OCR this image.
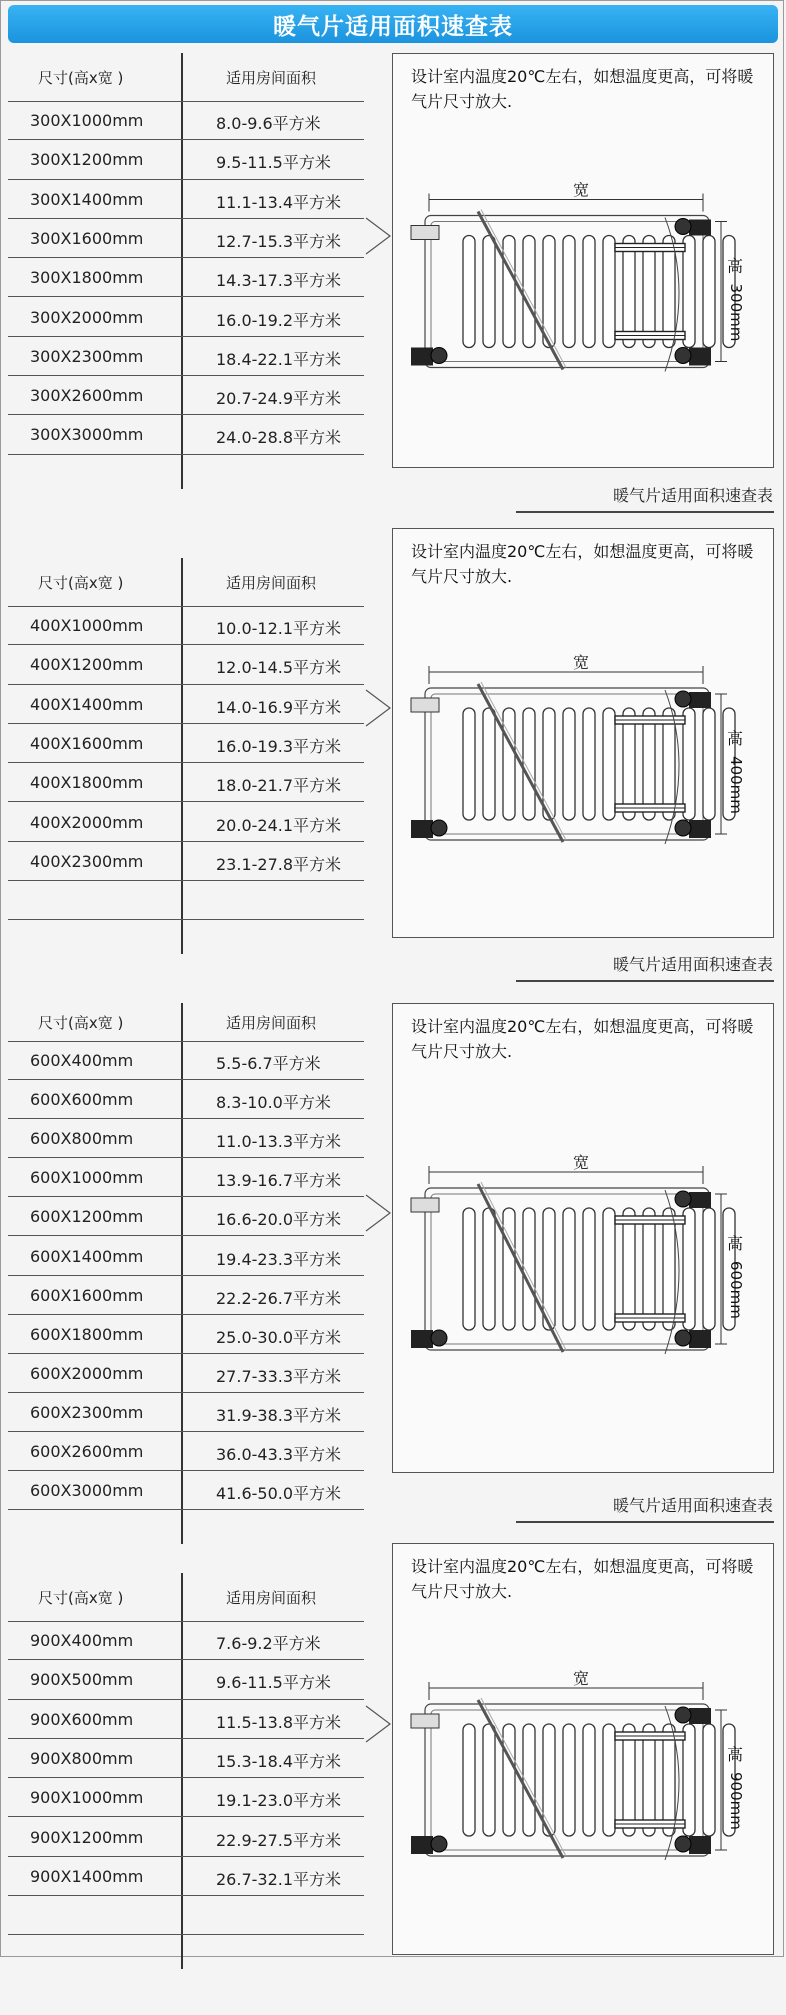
暖气片适用面积速查表
尺寸(高x宽 )	适用房间面积
300X1000mm	8.0-9.6平方米
300X1200mm	9.5-11.5平方米
300X1400mm	11.1-13.4平方米
300X1600mm	12.7-15.3平方米
300X1800mm	14.3-17.3平方米
300X2000mm	16.0-19.2平方米
300X2300mm	18.4-22.1平方米
300X2600mm	20.7-24.9平方米
300X3000mm	24.0-28.8平方米
设计室内温度20℃左右，如想温度更高，可将暖气片尺寸放大.
宽
高
300mm
暖气片适用面积速查表
尺寸(高x宽 )	适用房间面积
400X1000mm	10.0-12.1平方米
400X1200mm	12.0-14.5平方米
400X1400mm	14.0-16.9平方米
400X1600mm	16.0-19.3平方米
400X1800mm	18.0-21.7平方米
400X2000mm	20.0-24.1平方米
400X2300mm	23.1-27.8平方米
设计室内温度20℃左右，如想温度更高，可将暖气片尺寸放大.
宽
高
400mm
暖气片适用面积速查表
尺寸(高x宽 )	适用房间面积
600X400mm	5.5-6.7平方米
600X600mm	8.3-10.0平方米
600X800mm	11.0-13.3平方米
600X1000mm	13.9-16.7平方米
600X1200mm	16.6-20.0平方米
600X1400mm	19.4-23.3平方米
600X1600mm	22.2-26.7平方米
600X1800mm	25.0-30.0平方米
600X2000mm	27.7-33.3平方米
600X2300mm	31.9-38.3平方米
600X2600mm	36.0-43.3平方米
600X3000mm	41.6-50.0平方米
设计室内温度20℃左右，如想温度更高，可将暖气片尺寸放大.
宽
高
600mm
暖气片适用面积速查表
尺寸(高x宽 )	适用房间面积
900X400mm	7.6-9.2平方米
900X500mm	9.6-11.5平方米
900X600mm	11.5-13.8平方米
900X800mm	15.3-18.4平方米
900X1000mm	19.1-23.0平方米
900X1200mm	22.9-27.5平方米
900X1400mm	26.7-32.1平方米
设计室内温度20℃左右，如想温度更高，可将暖气片尺寸放大.
宽
高
900mm
